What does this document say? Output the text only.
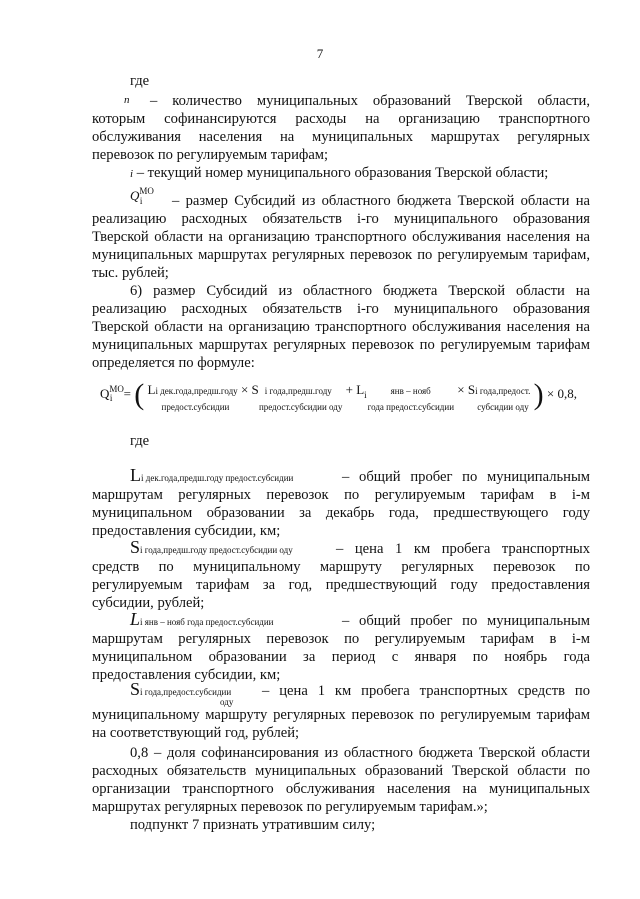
7
где
n – количество муниципальных образований Тверской области,
которым софинансируются расходы на организацию транспортного
обслуживания населения на муниципальных маршрутах регулярных
перевозок по регулируемым тарифам;
i – текущий номер муниципального образования Тверской области;
$Q^{МО}_i$	– размер Субсидий из областного бюджета Тверской области на
реализацию расходных обязательств i-го муниципального образования
Тверской области на организацию транспортного обслуживания населения на
муниципальных маршрутах регулярных перевозок по регулируемым тарифам,
тыс. рублей;
6) размер Субсидий из областного бюджета Тверской области на
реализацию расходных обязательств i-го муниципального образования
Тверской области на организацию транспортного обслуживания населения на
муниципальных маршрутах регулярных перевозок по регулируемым тарифам
определяется по формуле:
$Q^{МО}_i$ = ( Li дек.года,предш.году
предост.субсидии × S i года,предш.году
предост.субсидии оду + $L_i$	янв – нояб
года предост.субсидии × Si года,предост.
субсидии оду ) × 0,8,
где
Li дек.года,предш.году предост.субсидии	– общий пробег по муниципальным
маршрутам регулярных перевозок по регулируемым тарифам в i-м
муниципальном образовании за декабрь года, предшествующего году
предоставления субсидии, км;
Si года,предш.году предост.субсидии оду	– цена 1 км пробега транспортных
средств по муниципальному маршруту регулярных перевозок по
регулируемым тарифам за год, предшествующий году предоставления
субсидии, рублей;
Li янв – нояб года предост.субсидии	– общий пробег по муниципальным
маршрутам регулярных перевозок по регулируемым тарифам в i-м
муниципальном образовании за период с января по ноябрь года
предоставления субсидии, км;
Si года,предост.субсидии
оду
– цена 1 км пробега транспортных средств по
муниципальному маршруту регулярных перевозок по регулируемым тарифам
на соответствующий год, рублей;
0,8 – доля софинансирования из областного бюджета Тверской области
расходных обязательств муниципальных образований Тверской области по
организации транспортного обслуживания населения на муниципальных
маршрутах регулярных перевозок по регулируемым тарифам.»;
подпункт 7 признать утратившим силу;
